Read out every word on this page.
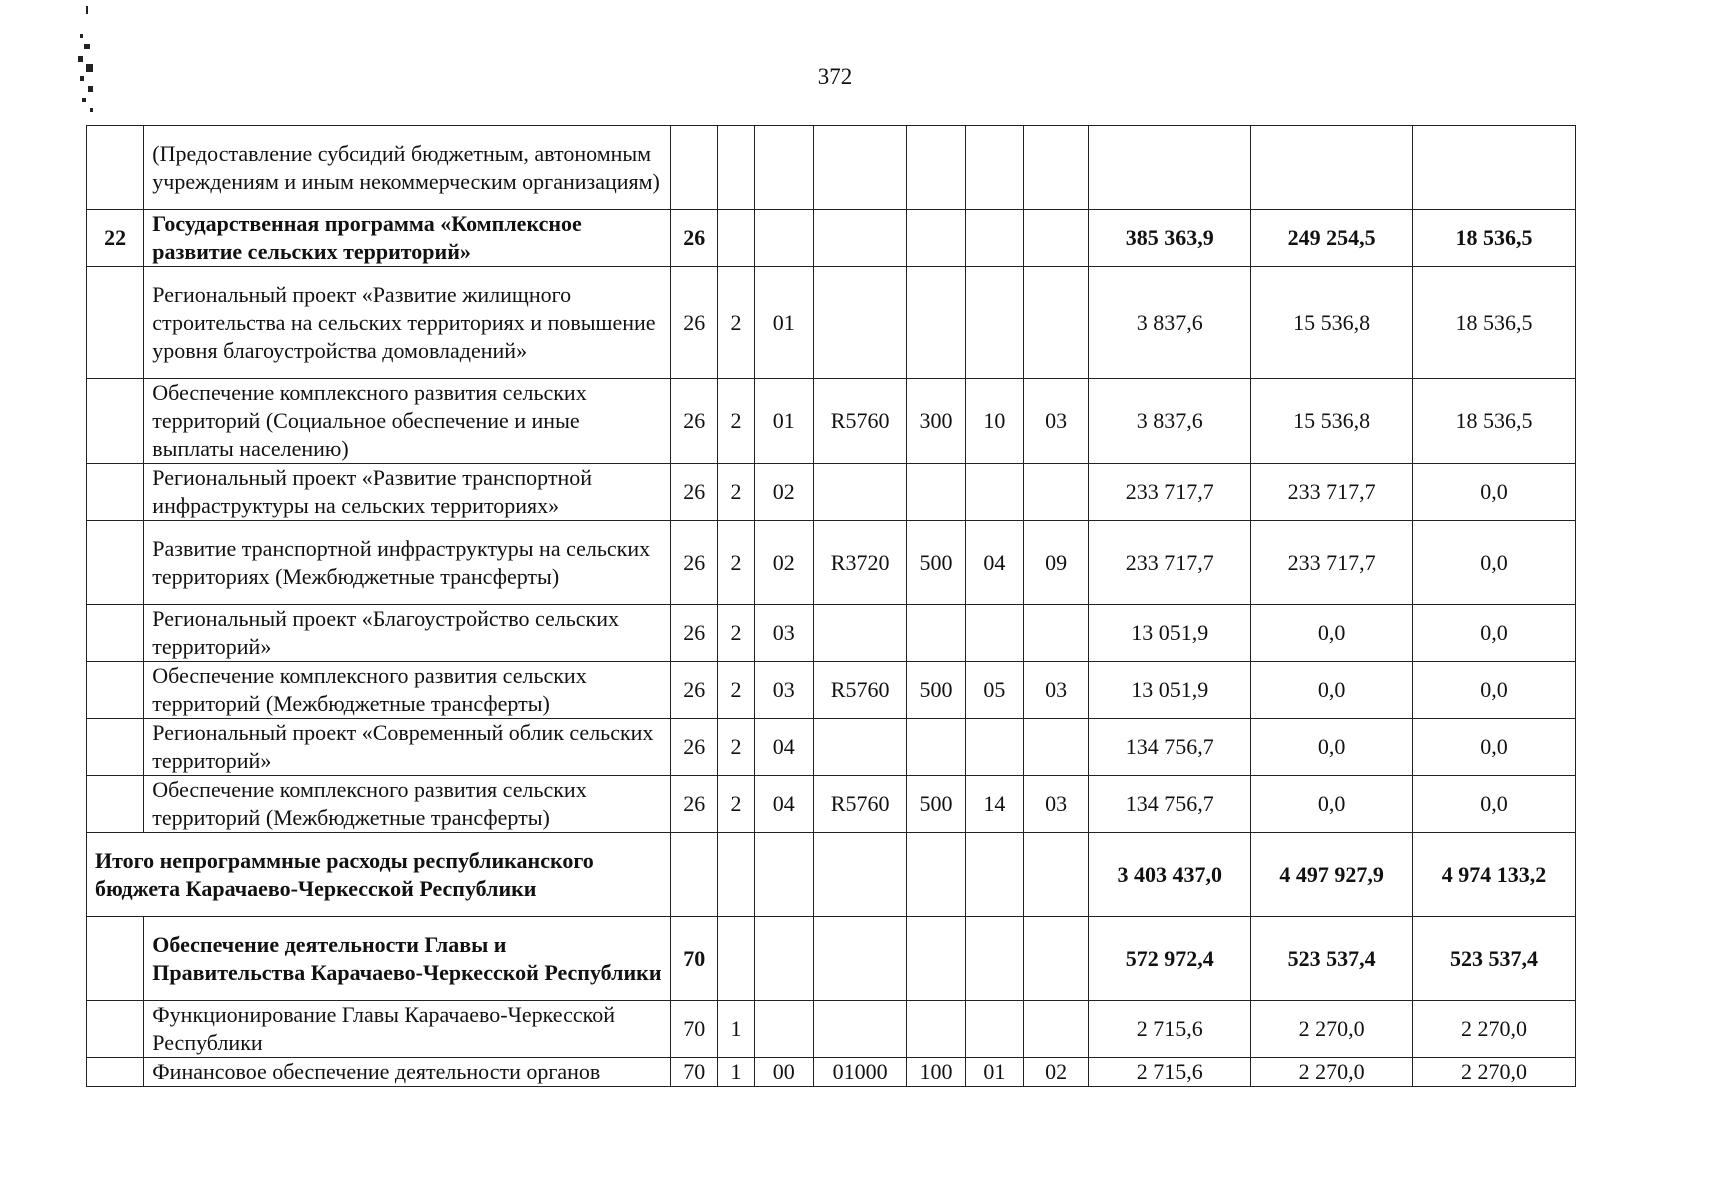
372
	(Предоставление субсидий бюджетным, автономным учреждениям и иным некоммерческим организациям)										
22	Государственная программа «Комплексное развитие сельских территорий»	26							385 363,9	249 254,5	18 536,5
	Региональный проект «Развитие жилищного строительства на сельских территориях и повышение уровня благоустройства домовладений»	26	2	01					3 837,6	15 536,8	18 536,5
	Обеспечение комплексного развития сельских территорий (Социальное обеспечение и иные выплаты населению)	26	2	01	R5760	300	10	03	3 837,6	15 536,8	18 536,5
	Региональный проект «Развитие транспортной инфраструктуры на сельских территориях»	26	2	02					233 717,7	233 717,7	0,0
	Развитие транспортной инфраструктуры на сельских территориях (Межбюджетные трансферты)	26	2	02	R3720	500	04	09	233 717,7	233 717,7	0,0
	Региональный проект «Благоустройство сельских территорий»	26	2	03					13 051,9	0,0	0,0
	Обеспечение комплексного развития сельских территорий (Межбюджетные трансферты)	26	2	03	R5760	500	05	03	13 051,9	0,0	0,0
	Региональный проект «Современный облик сельских территорий»	26	2	04					134 756,7	0,0	0,0
	Обеспечение комплексного развития сельских территорий (Межбюджетные трансферты)	26	2	04	R5760	500	14	03	134 756,7	0,0	0,0
Итого непрограммные расходы республиканского бюджета Карачаево-Черкесской Республики									3 403 437,0	4 497 927,9	4 974 133,2
	Обеспечение деятельности Главы и Правительства Карачаево-Черкесской Республики	70							572 972,4	523 537,4	523 537,4
	Функционирование Главы Карачаево-Черкесской Республики	70	1						2 715,6	2 270,0	2 270,0
	Финансовое обеспечение деятельности органов	70	1	00	01000	100	01	02	2 715,6	2 270,0	2 270,0
